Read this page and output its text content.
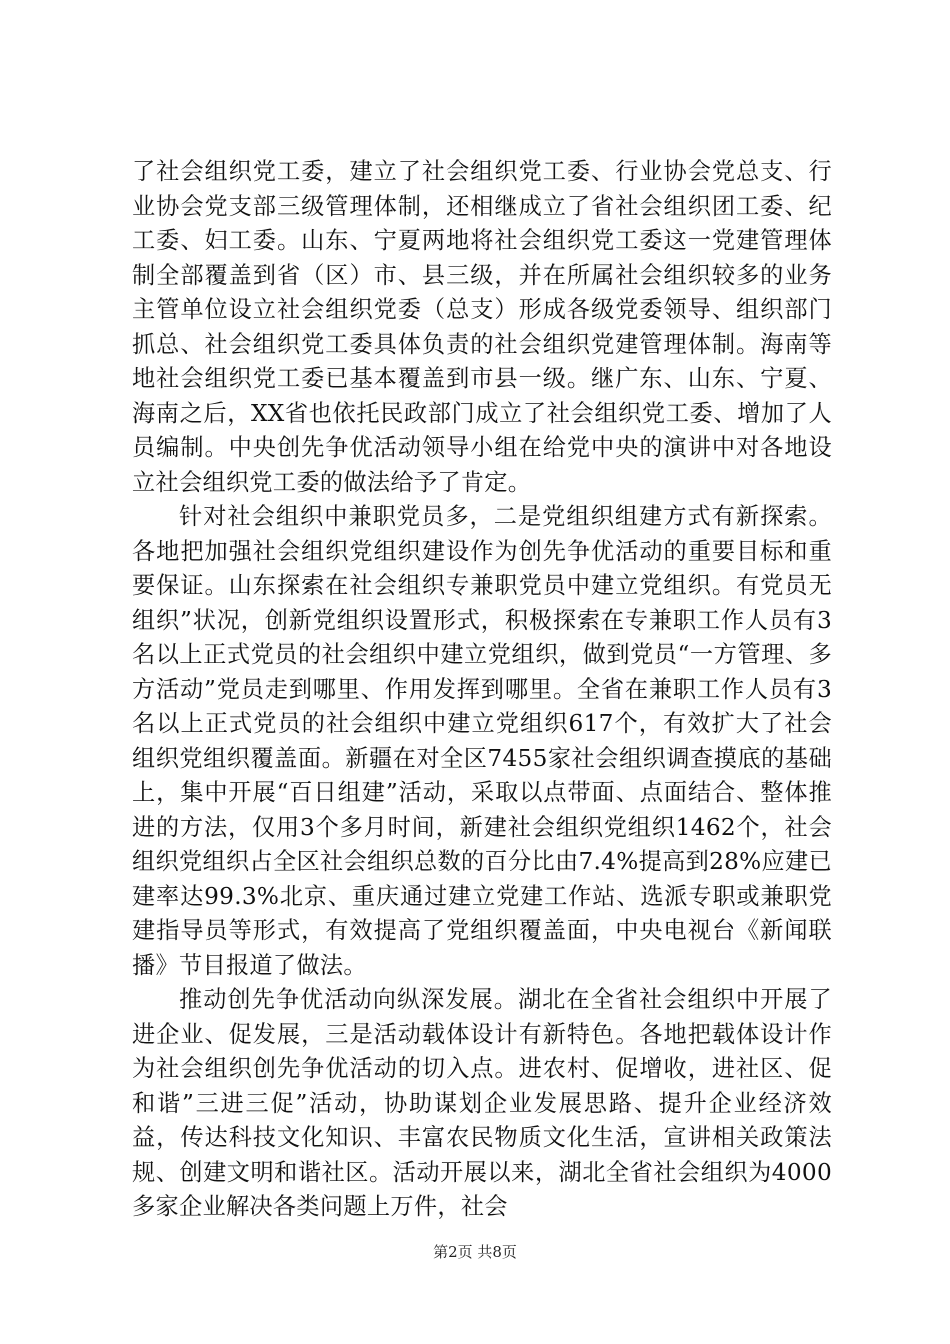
了社会组织党工委，建立了社会组织党工委、行业协会党总支、行业协会党支部三级管理体制，还相继成立了省社会组织团工委、纪工委、妇工委。山东、宁夏两地将社会组织党工委这一党建管理体制全部覆盖到省（区）市、县三级，并在所属社会组织较多的业务主管单位设立社会组织党委（总支）形成各级党委领导、组织部门抓总、社会组织党工委具体负责的社会组织党建管理体制。海南等地社会组织党工委已基本覆盖到市县一级。继广东、山东、宁夏、海南之后，XX省也依托民政部门成立了社会组织党工委、增加了人员编制。中央创先争优活动领导小组在给党中央的演讲中对各地设立社会组织党工委的做法给予了肯定。

针对社会组织中兼职党员多，二是党组织组建方式有新探索。各地把加强社会组织党组织建设作为创先争优活动的重要目标和重要保证。山东探索在社会组织专兼职党员中建立党组织。有党员无组织”状况，创新党组织设置形式，积极探索在专兼职工作人员有3名以上正式党员的社会组织中建立党组织，做到党员“一方管理、多方活动”党员走到哪里、作用发挥到哪里。全省在兼职工作人员有3名以上正式党员的社会组织中建立党组织617个，有效扩大了社会组织党组织覆盖面。新疆在对全区7455家社会组织调查摸底的基础上，集中开展“百日组建”活动，采取以点带面、点面结合、整体推进的方法，仅用3个多月时间，新建社会组织党组织1462个，社会组织党组织占全区社会组织总数的百分比由7.4%提高到28%应建已建率达99.3%北京、重庆通过建立党建工作站、选派专职或兼职党建指导员等形式，有效提高了党组织覆盖面，中央电视台《新闻联播》节目报道了做法。

推动创先争优活动向纵深发展。湖北在全省社会组织中开展了进企业、促发展，三是活动载体设计有新特色。各地把载体设计作为社会组织创先争优活动的切入点。进农村、促增收，进社区、促和谐”三进三促”活动，协助谋划企业发展思路、提升企业经济效益，传达科技文化知识、丰富农民物质文化生活，宣讲相关政策法规、创建文明和谐社区。活动开展以来，湖北全省社会组织为4000多家企业解决各类问题上万件，社会

第2页 共8页
